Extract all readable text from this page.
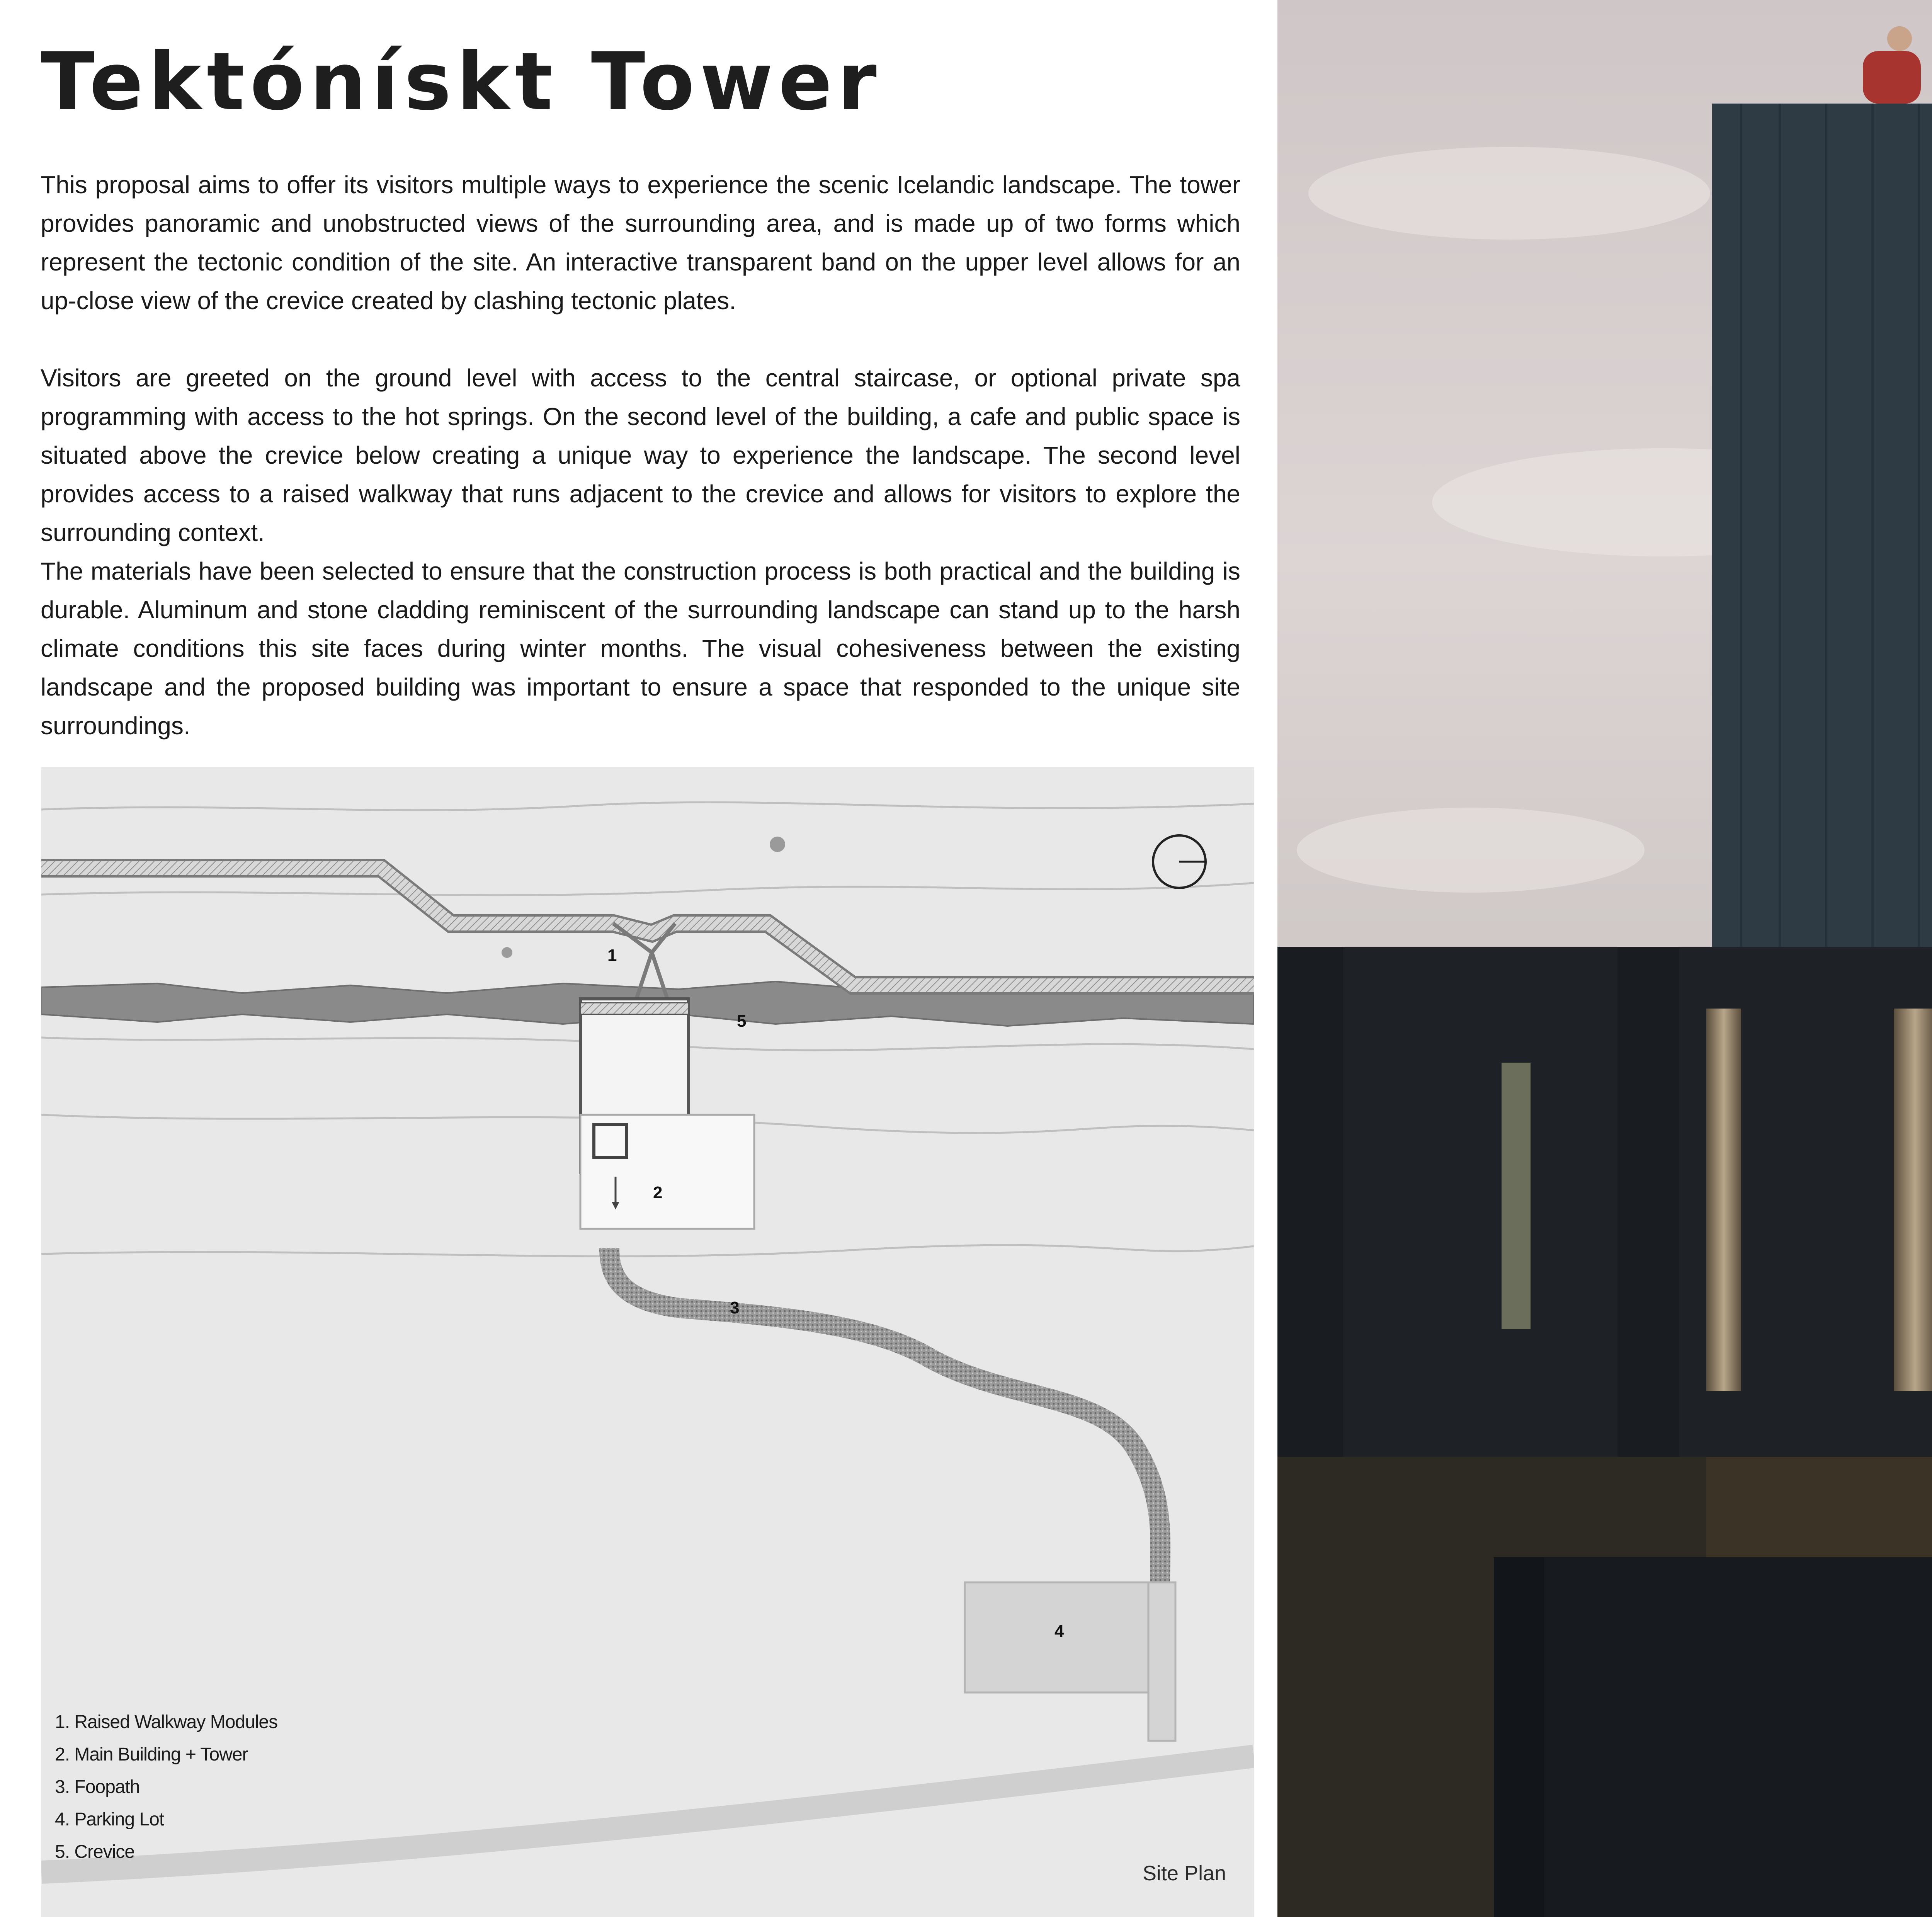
Tektónískt Tower

This proposal aims to offer its visitors multiple ways to experience the scenic Icelandic landscape. The tower provides panoramic and unobstructed views of the surrounding area, and is made up of two forms which represent the tectonic condition of the site. An interactive transparent band on the upper level allows for an up-close view of the crevice created by clashing tectonic plates.

Visitors are greeted on the ground level with access to the central staircase, or optional private spa programming with access to the hot springs. On the second level of the building, a cafe and public space is situated above the crevice below creating a unique way to experience the landscape. The second level provides access to a raised walkway that runs adjacent to the crevice and allows for visitors to explore the surrounding context.

The materials have been selected to ensure that the construction process is both practical and the building is durable. Aluminum and stone cladding reminiscent of the surrounding landscape can stand up to the harsh climate conditions this site faces during winter months. The visual cohesiveness between the existing landscape and the proposed building was important to ensure a space that responded to the unique site surroundings.

1
2
3
4
5
1. Raised Walkway Modules
2. Main Building + Tower
3. Foopath
4. Parking Lot
5. Crevice
Site Plan
